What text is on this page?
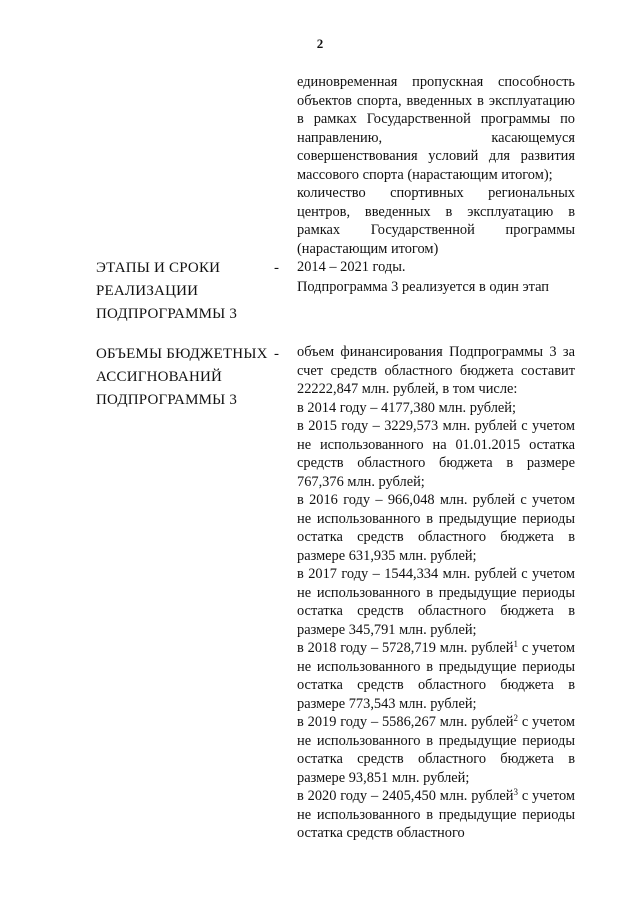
2
единовременная пропускная способность объектов спорта, введенных в эксплуатацию в рамках Государственной программы по направлению, касающемуся совершенствования условий для развития массового спорта (нарастающим итогом);
количество спортивных региональных центров, введенных в эксплуатацию в рамках Государственной программы (нарастающим итогом)
ЭТАПЫ И СРОКИ
РЕАЛИЗАЦИИ
ПОДПРОГРАММЫ 3
- 2014 – 2021 годы.
Подпрограмма 3 реализуется в один этап
ОБЪЕМЫ БЮДЖЕТНЫХ
АССИГНОВАНИЙ
ПОДПРОГРАММЫ 3
- объем финансирования Подпрограммы 3 за счет средств областного бюджета составит 22222,847 млн. рублей, в том числе:
в 2014 году – 4177,380 млн. рублей;
в 2015 году – 3229,573 млн. рублей с учетом не использованного на 01.01.2015 остатка средств областного бюджета в размере 767,376 млн. рублей;
в 2016 году – 966,048 млн. рублей с учетом не использованного в предыдущие периоды остатка средств областного бюджета в размере 631,935 млн. рублей;
в 2017 году – 1544,334 млн. рублей с учетом не использованного в предыдущие периоды остатка средств областного бюджета в размере 345,791 млн. рублей;
в 2018 году – 5728,719 млн. рублей$^1$ с учетом не использованного в предыдущие периоды остатка средств областного бюджета в размере 773,543 млн. рублей;
в 2019 году – 5586,267 млн. рублей$^2$ с учетом не использованного в предыдущие периоды остатка средств областного бюджета в размере 93,851 млн. рублей;
в 2020 году – 2405,450 млн. рублей$^3$ с учетом не использованного в предыдущие периоды остатка средств областного
